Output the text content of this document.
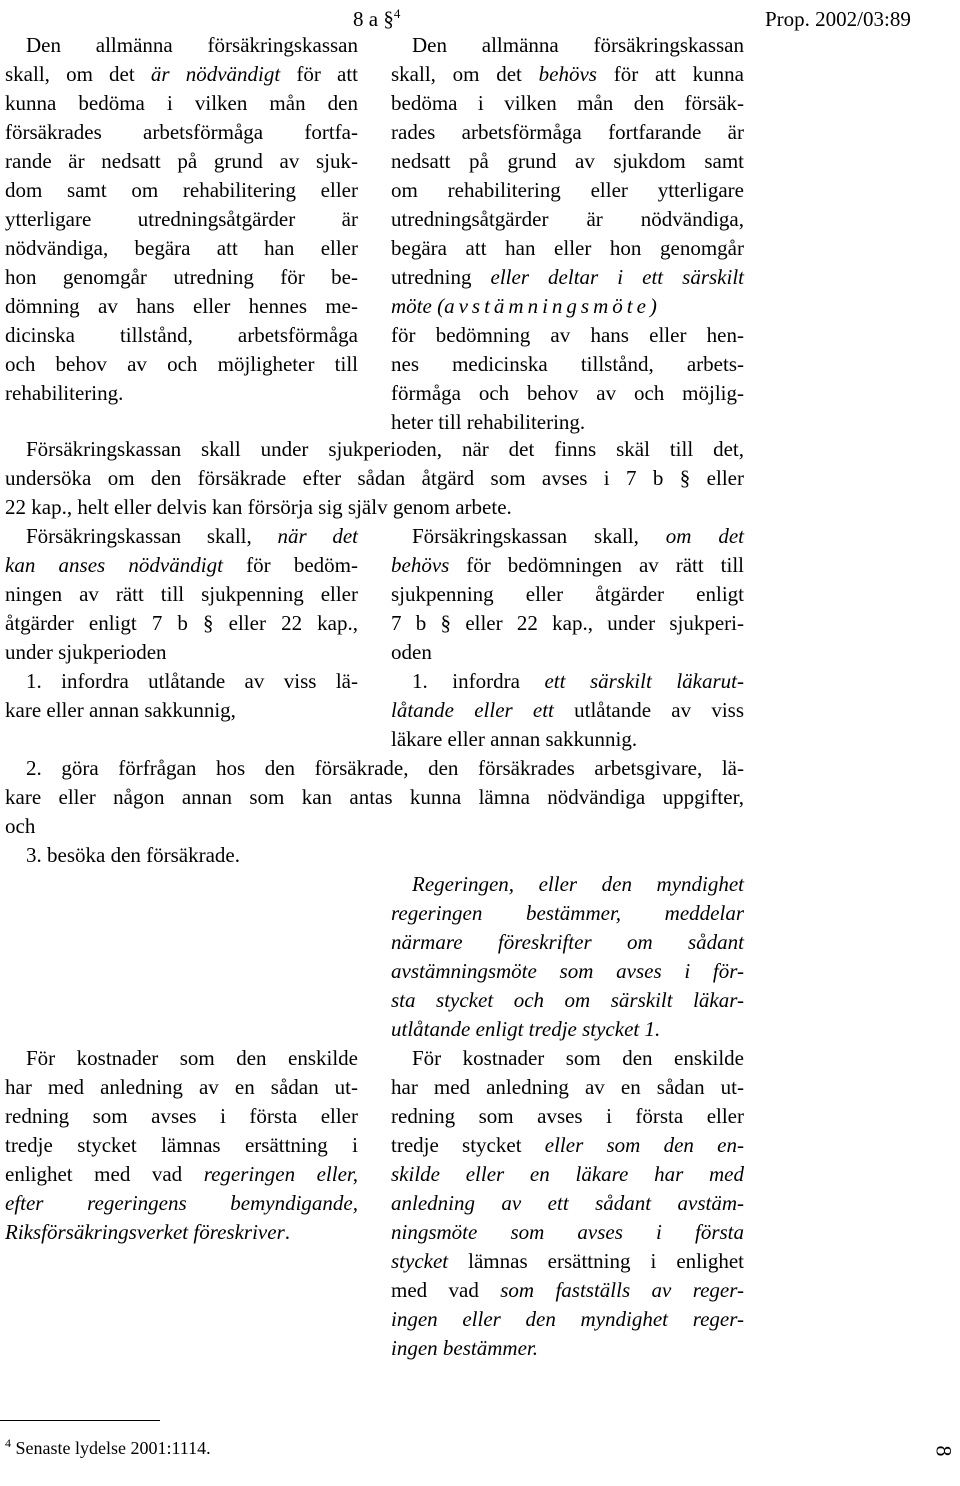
8 a §$^4$	Prop. 2002/03:89
Den allmänna försäkringskassan
skall, om det är nödvändigt för att
kunna bedöma i vilken mån den
försäkrades arbetsförmåga fortfa-
rande är nedsatt på grund av sjuk-
dom samt om rehabilitering eller
ytterligare utredningsåtgärder är
nödvändiga, begära att han eller
hon genomgår utredning för be-
dömning av hans eller hennes me-
dicinska tillstånd, arbetsförmåga
och behov av och möjligheter till
rehabilitering.
Den allmänna försäkringskassan
skall, om det behövs för att kunna
bedöma i vilken mån den försäk-
rades arbetsförmåga fortfarande är
nedsatt på grund av sjukdom samt
om rehabilitering eller ytterligare
utredningsåtgärder är nödvändiga,
begära att han eller hon genomgår
utredning eller deltar i ett särskilt
möte (avstämningsmöte)
för bedömning av hans eller hen-
nes medicinska tillstånd, arbets-
förmåga och behov av och möjlig-
heter till rehabilitering.
Försäkringskassan skall under sjukperioden, när det finns skäl till det,
undersöka om den försäkrade efter sådan åtgärd som avses i 7 b § eller
22 kap., helt eller delvis kan försörja sig själv genom arbete.
Försäkringskassan skall, när det
kan anses nödvändigt för bedöm-
ningen av rätt till sjukpenning eller
åtgärder enligt 7 b § eller 22 kap.,
under sjukperioden
1. infordra utlåtande av viss lä-
kare eller annan sakkunnig,
Försäkringskassan skall, om det
behövs för bedömningen av rätt till
sjukpenning eller åtgärder enligt
7 b § eller 22 kap., under sjukperi-
oden
1. infordra ett särskilt läkarut-
låtande eller ett utlåtande av viss
läkare eller annan sakkunnig.
2. göra förfrågan hos den försäkrade, den försäkrades arbetsgivare, lä-
kare eller någon annan som kan antas kunna lämna nödvändiga uppgifter,
och
3. besöka den försäkrade.
Regeringen, eller den myndighet
regeringen bestämmer, meddelar
närmare föreskrifter om sådant
avstämningsmöte som avses i för-
sta stycket och om särskilt läkar-
utlåtande enligt tredje stycket 1.
För kostnader som den enskilde
har med anledning av en sådan ut-
redning som avses i första eller
tredje stycket lämnas ersättning i
enlighet med vad regeringen eller,
efter regeringens bemyndigande,
Riksförsäkringsverket föreskriver.
För kostnader som den enskilde
har med anledning av en sådan ut-
redning som avses i första eller
tredje stycket eller som den en-
skilde eller en läkare har med
anledning av ett sådant avstäm-
ningsmöte som avses i första
stycket lämnas ersättning i enlighet
med vad som fastställs av reger-
ingen eller den myndighet reger-
ingen bestämmer.
$^4$ Senaste lydelse 2001:1114.	8
